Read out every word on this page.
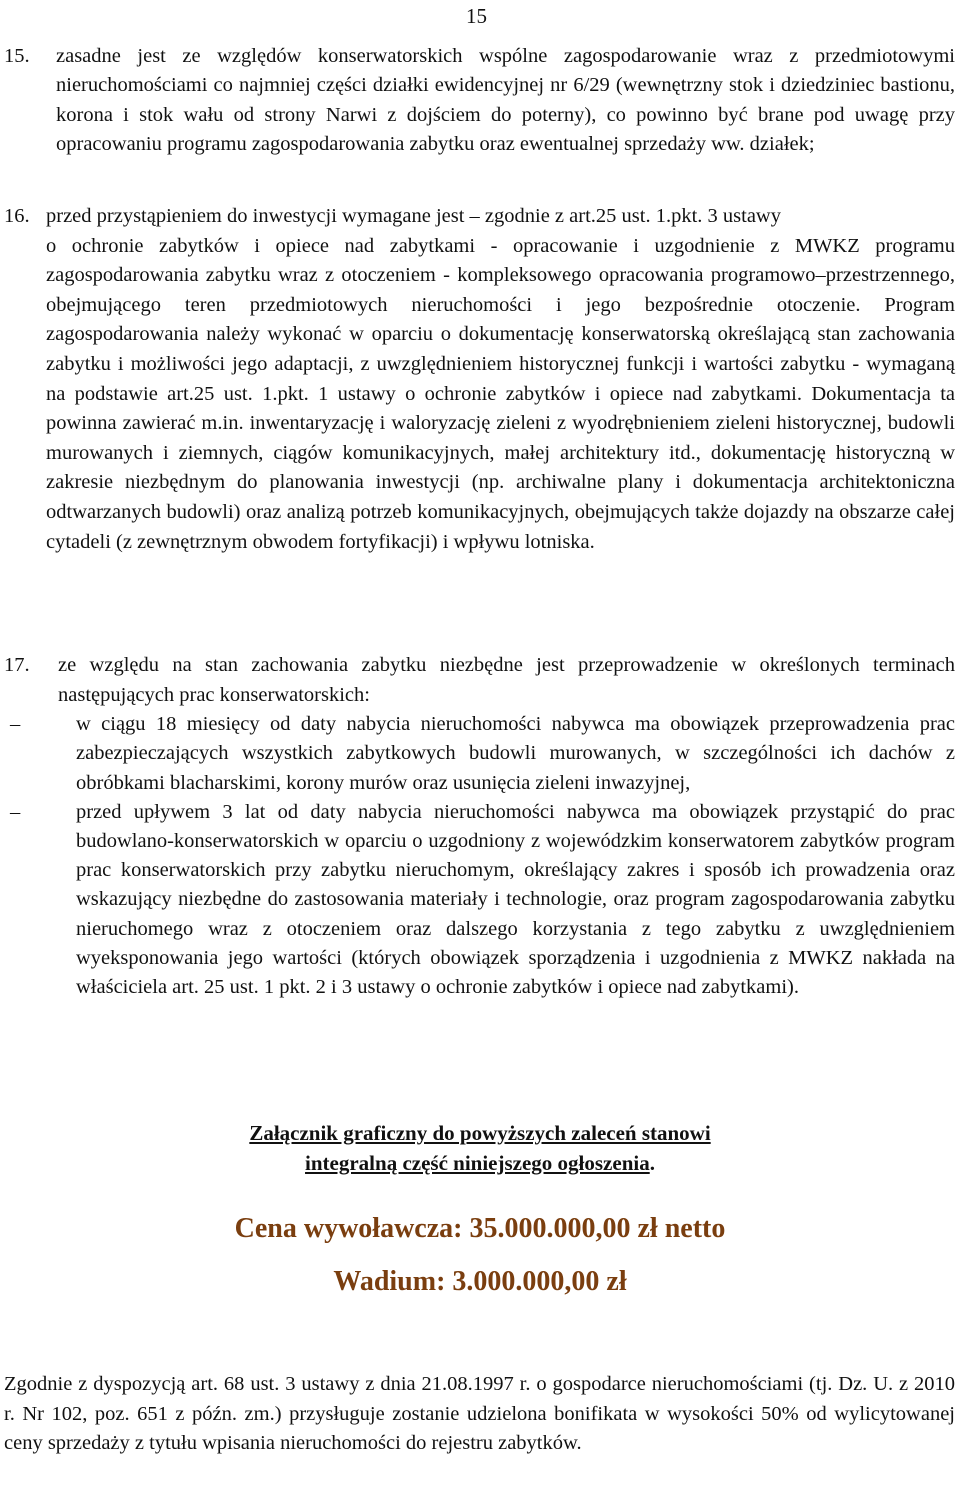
15
15. zasadne jest ze względów konserwatorskich wspólne zagospodarowanie wraz z przedmiotowymi nieruchomościami co najmniej części działki ewidencyjnej nr 6/29 (wewnętrzny stok i dziedziniec bastionu, korona i stok wału od strony Narwi z dojściem do poterny), co powinno być brane pod uwagę przy opracowaniu programu zagospodarowania zabytku oraz ewentualnej sprzedaży ww. działek;
16. przed przystąpieniem do inwestycji wymagane jest – zgodnie z art.25 ust. 1.pkt. 3 ustawy
o ochronie zabytków i opiece nad zabytkami - opracowanie i uzgodnienie z MWKZ programu zagospodarowania zabytku wraz z otoczeniem - kompleksowego opracowania programowo–przestrzennego, obejmującego teren przedmiotowych nieruchomości i jego bezpośrednie otoczenie. Program zagospodarowania należy wykonać w oparciu o dokumentację konserwatorską określającą stan zachowania zabytku i możliwości jego adaptacji, z uwzględnieniem historycznej funkcji i wartości zabytku - wymaganą na podstawie art.25 ust. 1.pkt. 1 ustawy o ochronie zabytków i opiece nad zabytkami. Dokumentacja ta powinna zawierać m.in. inwentaryzację i waloryzację zieleni z wyodrębnieniem zieleni historycznej, budowli murowanych i ziemnych, ciągów komunikacyjnych, małej architektury itd., dokumentację historyczną w zakresie niezbędnym do planowania inwestycji (np. archiwalne plany i dokumentacja architektoniczna odtwarzanych budowli) oraz analizą potrzeb komunikacyjnych, obejmujących także dojazdy na obszarze całej cytadeli (z zewnętrznym obwodem fortyfikacji) i wpływu lotniska.
17. ze względu na stan zachowania zabytku niezbędne jest przeprowadzenie w określonych terminach następujących prac konserwatorskich:
–	w ciągu 18 miesięcy od daty nabycia nieruchomości nabywca ma obowiązek przeprowadzenia prac zabezpieczających wszystkich zabytkowych budowli murowanych, w szczególności ich dachów z obróbkami blacharskimi, korony murów oraz usunięcia zieleni inwazyjnej,
–	przed upływem 3 lat od daty nabycia nieruchomości nabywca ma obowiązek przystąpić do prac budowlano-konserwatorskich w oparciu o uzgodniony z wojewódzkim konserwatorem zabytków program prac konserwatorskich przy zabytku nieruchomym, określający zakres i sposób ich prowadzenia oraz wskazujący niezbędne do zastosowania materiały i technologie, oraz program zagospodarowania zabytku nieruchomego wraz z otoczeniem oraz dalszego korzystania z tego zabytku z uwzględnieniem wyeksponowania jego wartości (których obowiązek sporządzenia i uzgodnienia z MWKZ nakłada na właściciela art. 25 ust. 1 pkt. 2 i 3 ustawy o ochronie zabytków i opiece nad zabytkami).
Załącznik graficzny do powyższych zaleceń stanowi
integralną część niniejszego ogłoszenia.
Cena wywoławcza: 35.000.000,00 zł netto
Wadium: 3.000.000,00 zł
Zgodnie z dyspozycją art. 68 ust. 3 ustawy z dnia 21.08.1997 r. o gospodarce nieruchomościami (tj. Dz. U. z 2010 r. Nr 102, poz. 651 z późn. zm.) przysługuje zostanie udzielona bonifikata w wysokości 50% od wylicytowanej ceny sprzedaży z tytułu wpisania nieruchomości do rejestru zabytków.
